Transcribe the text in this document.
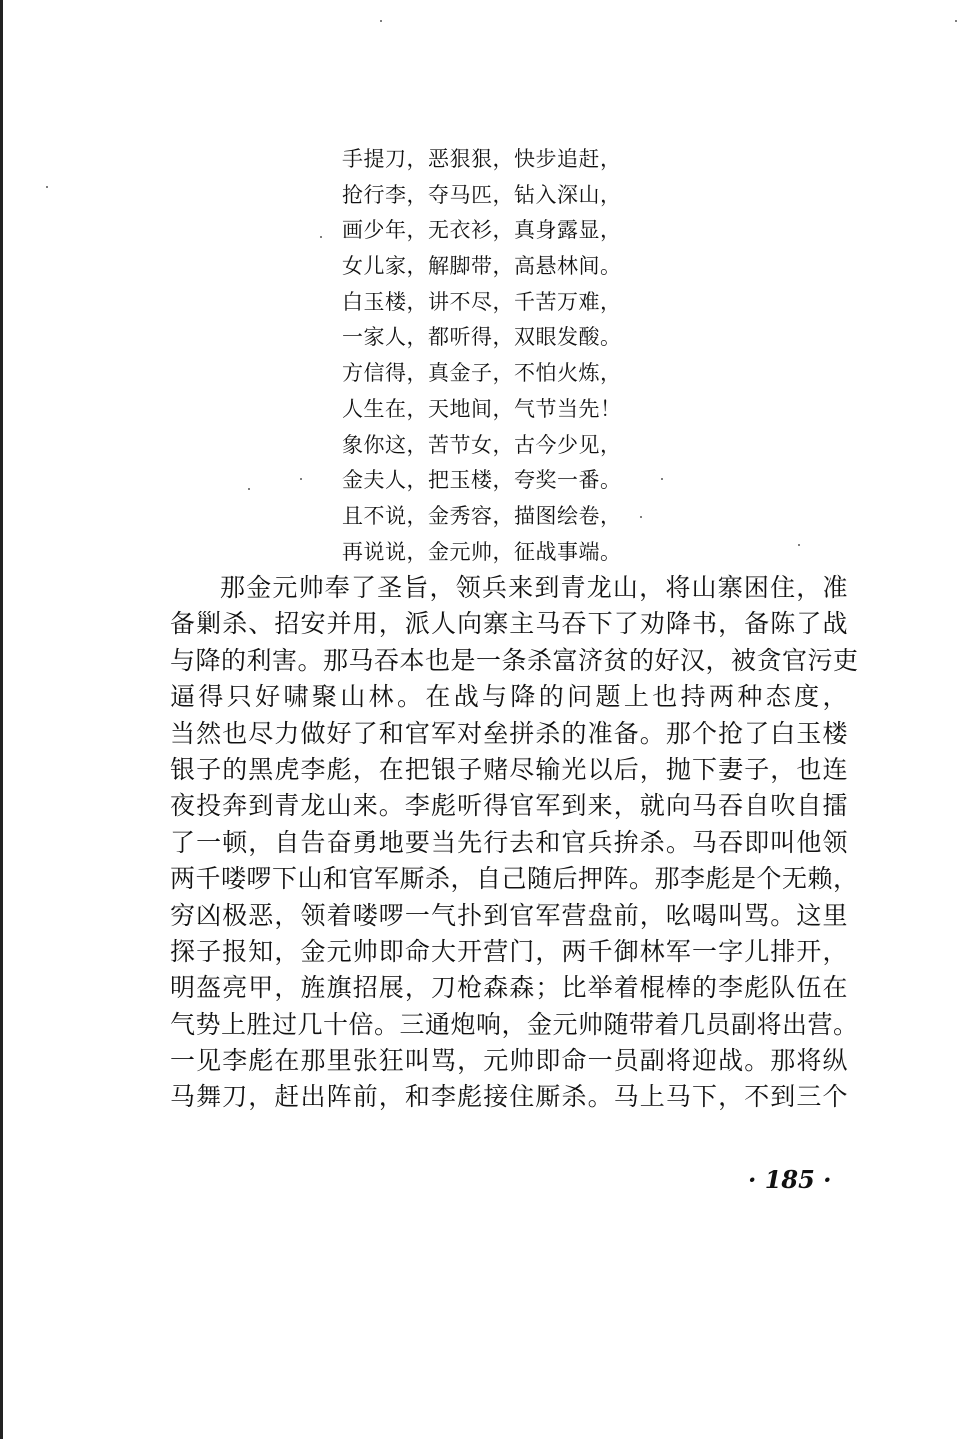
手提刀，恶狠狠，快步追赶，
抢行李，夺马匹，钻入深山，
画少年，无衣衫，真身露显，
女儿家，解脚带，高悬林间。
白玉楼，讲不尽，千苦万难，
一家人，都听得，双眼发酸。
方信得，真金子，不怕火炼，
人生在，天地间，气节当先！
象你这，苦节女，古今少见，
金夫人，把玉楼，夸奖一番。
且不说，金秀容，描图绘卷，
再说说，金元帅，征战事端。
那金元帅奉了圣旨，领兵来到青龙山，将山寨困住，准
备剿杀、招安并用，派人向寨主马吞下了劝降书，备陈了战
与降的利害。那马吞本也是一条杀富济贫的好汉，被贪官污吏
逼得只好啸聚山林。在战与降的问题上也持两种态度，
当然也尽力做好了和官军对垒拼杀的准备。那个抢了白玉楼
银子的黑虎李彪，在把银子赌尽输光以后，抛下妻子，也连
夜投奔到青龙山来。李彪听得官军到来，就向马吞自吹自擂
了一顿，自告奋勇地要当先行去和官兵拚杀。马吞即叫他领
两千喽啰下山和官军厮杀，自己随后押阵。那李彪是个无赖，
穷凶极恶，领着喽啰一气扑到官军营盘前，吆喝叫骂。这里
探子报知，金元帅即命大开营门，两千御林军一字儿排开，
明盔亮甲，旌旗招展，刀枪森森；比举着棍棒的李彪队伍在
气势上胜过几十倍。三通炮响，金元帅随带着几员副将出营。
一见李彪在那里张狂叫骂，元帅即命一员副将迎战。那将纵
马舞刀，赶出阵前，和李彪接住厮杀。马上马下，不到三个
· 185 ·
